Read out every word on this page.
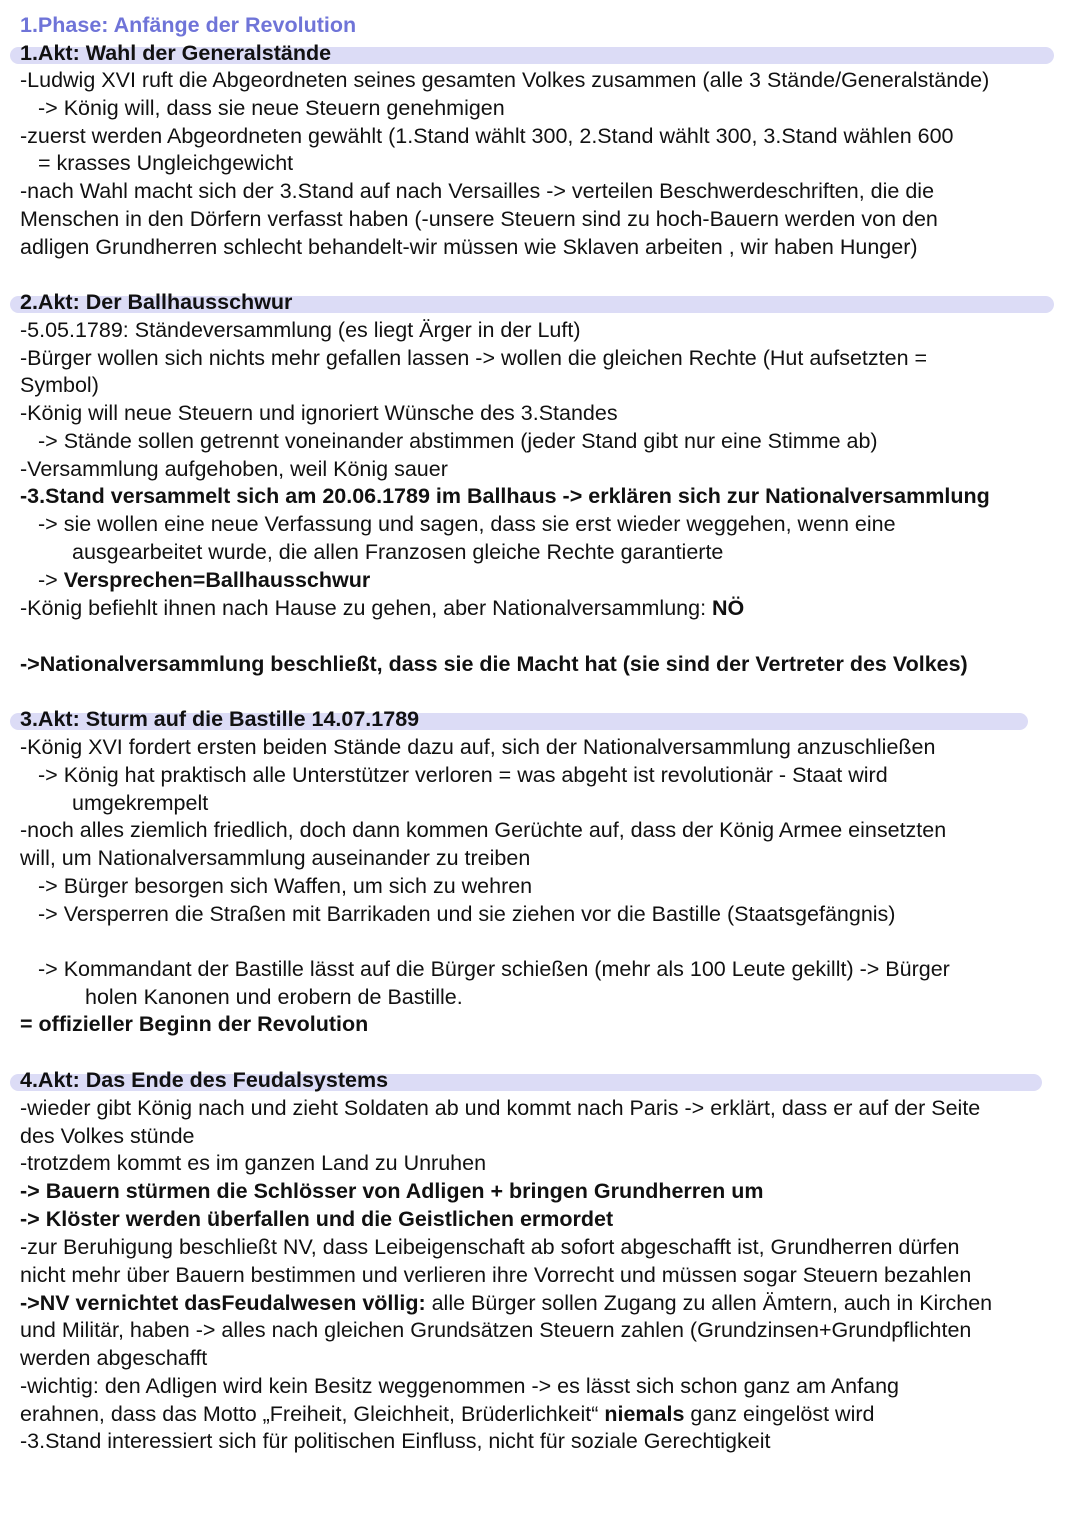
1.Phase: Anfänge der Revolution
1.Akt: Wahl der Generalstände
-Ludwig XVI ruft die Abgeordneten seines gesamten Volkes zusammen (alle 3 Stände/Generalstände)
-> König will, dass sie neue Steuern genehmigen
-zuerst werden Abgeordneten gewählt (1.Stand wählt 300, 2.Stand wählt 300, 3.Stand wählen 600
= krasses Ungleichgewicht
-nach Wahl macht sich der 3.Stand auf nach Versailles -> verteilen Beschwerdeschriften, die die
Menschen in den Dörfern verfasst haben (-unsere Steuern sind zu hoch-Bauern werden von den
adligen Grundherren schlecht behandelt-wir müssen wie Sklaven arbeiten , wir haben Hunger)
2.Akt: Der Ballhausschwur
-5.05.1789: Ständeversammlung (es liegt Ärger in der Luft)
-Bürger wollen sich nichts mehr gefallen lassen -> wollen die gleichen Rechte (Hut aufsetzten =
Symbol)
-König will neue Steuern und ignoriert Wünsche des 3.Standes
-> Stände sollen getrennt voneinander abstimmen (jeder Stand gibt nur eine Stimme ab)
-Versammlung aufgehoben, weil König sauer
-3.Stand versammelt sich am 20.06.1789 im Ballhaus -> erklären sich zur Nationalversammlung
-> sie wollen eine neue Verfassung und sagen, dass sie erst wieder weggehen, wenn eine
ausgearbeitet wurde, die allen Franzosen gleiche Rechte garantierte
-> Versprechen=Ballhausschwur
-König befiehlt ihnen nach Hause zu gehen, aber Nationalversammlung: NÖ
->Nationalversammlung beschließt, dass sie die Macht hat (sie sind der Vertreter des Volkes)
3.Akt: Sturm auf die Bastille 14.07.1789
-König XVI fordert ersten beiden Stände dazu auf, sich der Nationalversammlung anzuschließen
-> König hat praktisch alle Unterstützer verloren = was abgeht ist revolutionär - Staat wird
umgekrempelt
-noch alles ziemlich friedlich, doch dann kommen Gerüchte auf, dass der König Armee einsetzten
will, um Nationalversammlung auseinander zu treiben
-> Bürger besorgen sich Waffen, um sich zu wehren
-> Versperren die Straßen mit Barrikaden und sie ziehen vor die Bastille (Staatsgefängnis)
-> Kommandant der Bastille lässt auf die Bürger schießen (mehr als 100 Leute gekillt) -> Bürger
holen Kanonen und erobern de Bastille.
= offizieller Beginn der Revolution
4.Akt: Das Ende des Feudalsystems
-wieder gibt König nach und zieht Soldaten ab und kommt nach Paris -> erklärt, dass er auf der Seite
des Volkes stünde
-trotzdem kommt es im ganzen Land zu Unruhen
-> Bauern stürmen die Schlösser von Adligen + bringen Grundherren um
-> Klöster werden überfallen und die Geistlichen ermordet
-zur Beruhigung beschließt NV, dass Leibeigenschaft ab sofort abgeschafft ist, Grundherren dürfen
nicht mehr über Bauern bestimmen und verlieren ihre Vorrecht und müssen sogar Steuern bezahlen
->NV vernichtet dasFeudalwesen völlig: alle Bürger sollen Zugang zu allen Ämtern, auch in Kirchen
und Militär, haben -> alles nach gleichen Grundsätzen Steuern zahlen (Grundzinsen+Grundpflichten
werden abgeschafft
-wichtig: den Adligen wird kein Besitz weggenommen -> es lässt sich schon ganz am Anfang
erahnen, dass das Motto „Freiheit, Gleichheit, Brüderlichkeit“ niemals ganz eingelöst wird
-3.Stand interessiert sich für politischen Einfluss, nicht für soziale Gerechtigkeit
